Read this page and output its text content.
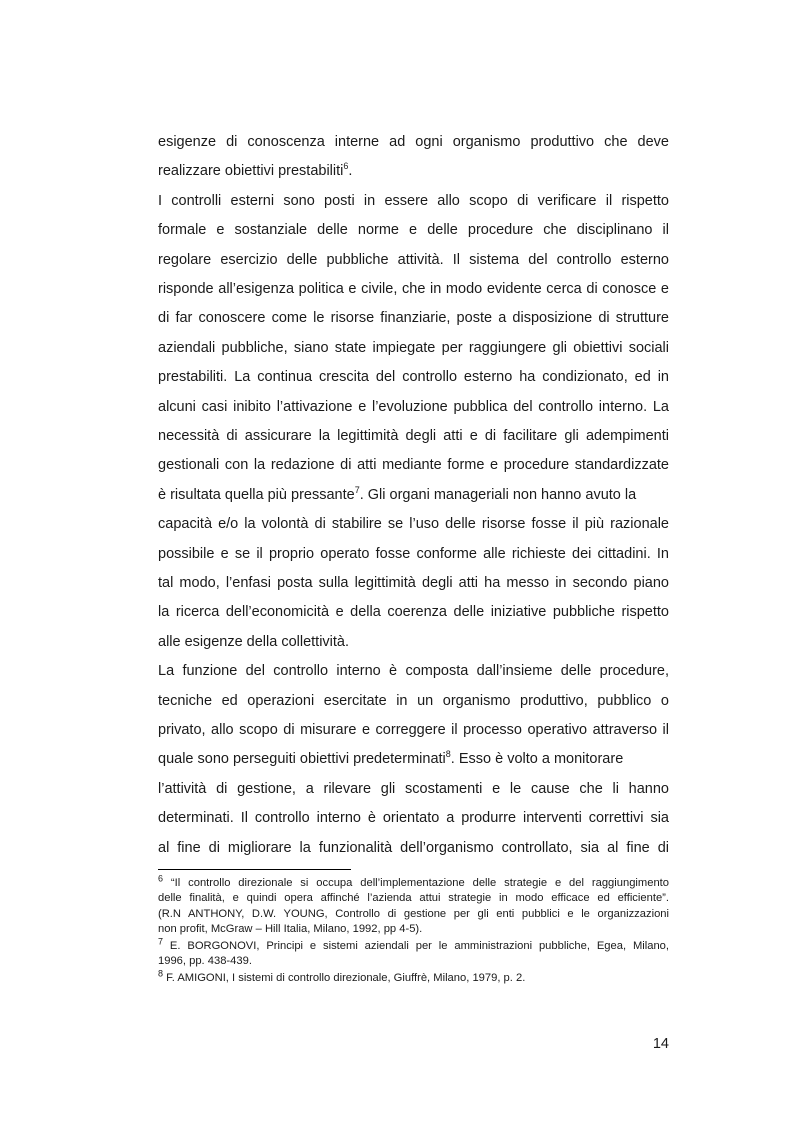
esigenze di conoscenza interne ad ogni organismo produttivo che deve
realizzare obiettivi prestabiliti$^6$.
I controlli esterni sono posti in essere allo scopo di verificare il rispetto
formale e sostanziale delle norme e delle procedure che disciplinano il
regolare esercizio delle pubbliche attività. Il sistema del controllo esterno
risponde all’esigenza politica e civile, che in modo evidente cerca di conosce e
di far conoscere come le risorse finanziarie, poste a disposizione di strutture
aziendali pubbliche, siano state impiegate per raggiungere gli obiettivi sociali
prestabiliti. La continua crescita del controllo esterno ha condizionato, ed in
alcuni casi inibito l’attivazione e l’evoluzione pubblica del controllo interno. La
necessità di assicurare la legittimità degli atti e di facilitare gli adempimenti
gestionali con la redazione di atti mediante forme e procedure standardizzate
è risultata quella più pressante$^7$. Gli organi manageriali non hanno avuto la
capacità e/o la volontà di stabilire se l’uso delle risorse fosse il più razionale
possibile e se il proprio operato fosse conforme alle richieste dei cittadini. In
tal modo, l’enfasi posta sulla legittimità degli atti ha messo in secondo piano
la ricerca dell’economicità e della coerenza delle iniziative pubbliche rispetto
alle esigenze della collettività.
La funzione del controllo interno è composta dall’insieme delle procedure,
tecniche ed operazioni esercitate in un organismo produttivo, pubblico o
privato, allo scopo di misurare e correggere il processo operativo attraverso il
quale sono perseguiti obiettivi predeterminati$^8$. Esso è volto a monitorare
l’attività di gestione, a rilevare gli scostamenti e le cause che li hanno
determinati. Il controllo interno è orientato a produrre interventi correttivi sia
al fine di migliorare la funzionalità dell’organismo controllato, sia al fine di
$^6$ “Il controllo direzionale si occupa dell’implementazione delle strategie e del raggiungimento
delle finalità, e quindi opera affinché l’azienda attui strategie in modo efficace ed efficiente”.
(R.N ANTHONY, D.W. YOUNG, Controllo di gestione per gli enti pubblici e le organizzazioni
non profit, McGraw – Hill Italia, Milano, 1992, pp 4-5).
$^7$ E. BORGONOVI, Principi e sistemi aziendali per le amministrazioni pubbliche, Egea, Milano,
1996, pp. 438-439.
$^8$ F. AMIGONI, I sistemi di controllo direzionale, Giuffrè, Milano, 1979, p. 2.
14
